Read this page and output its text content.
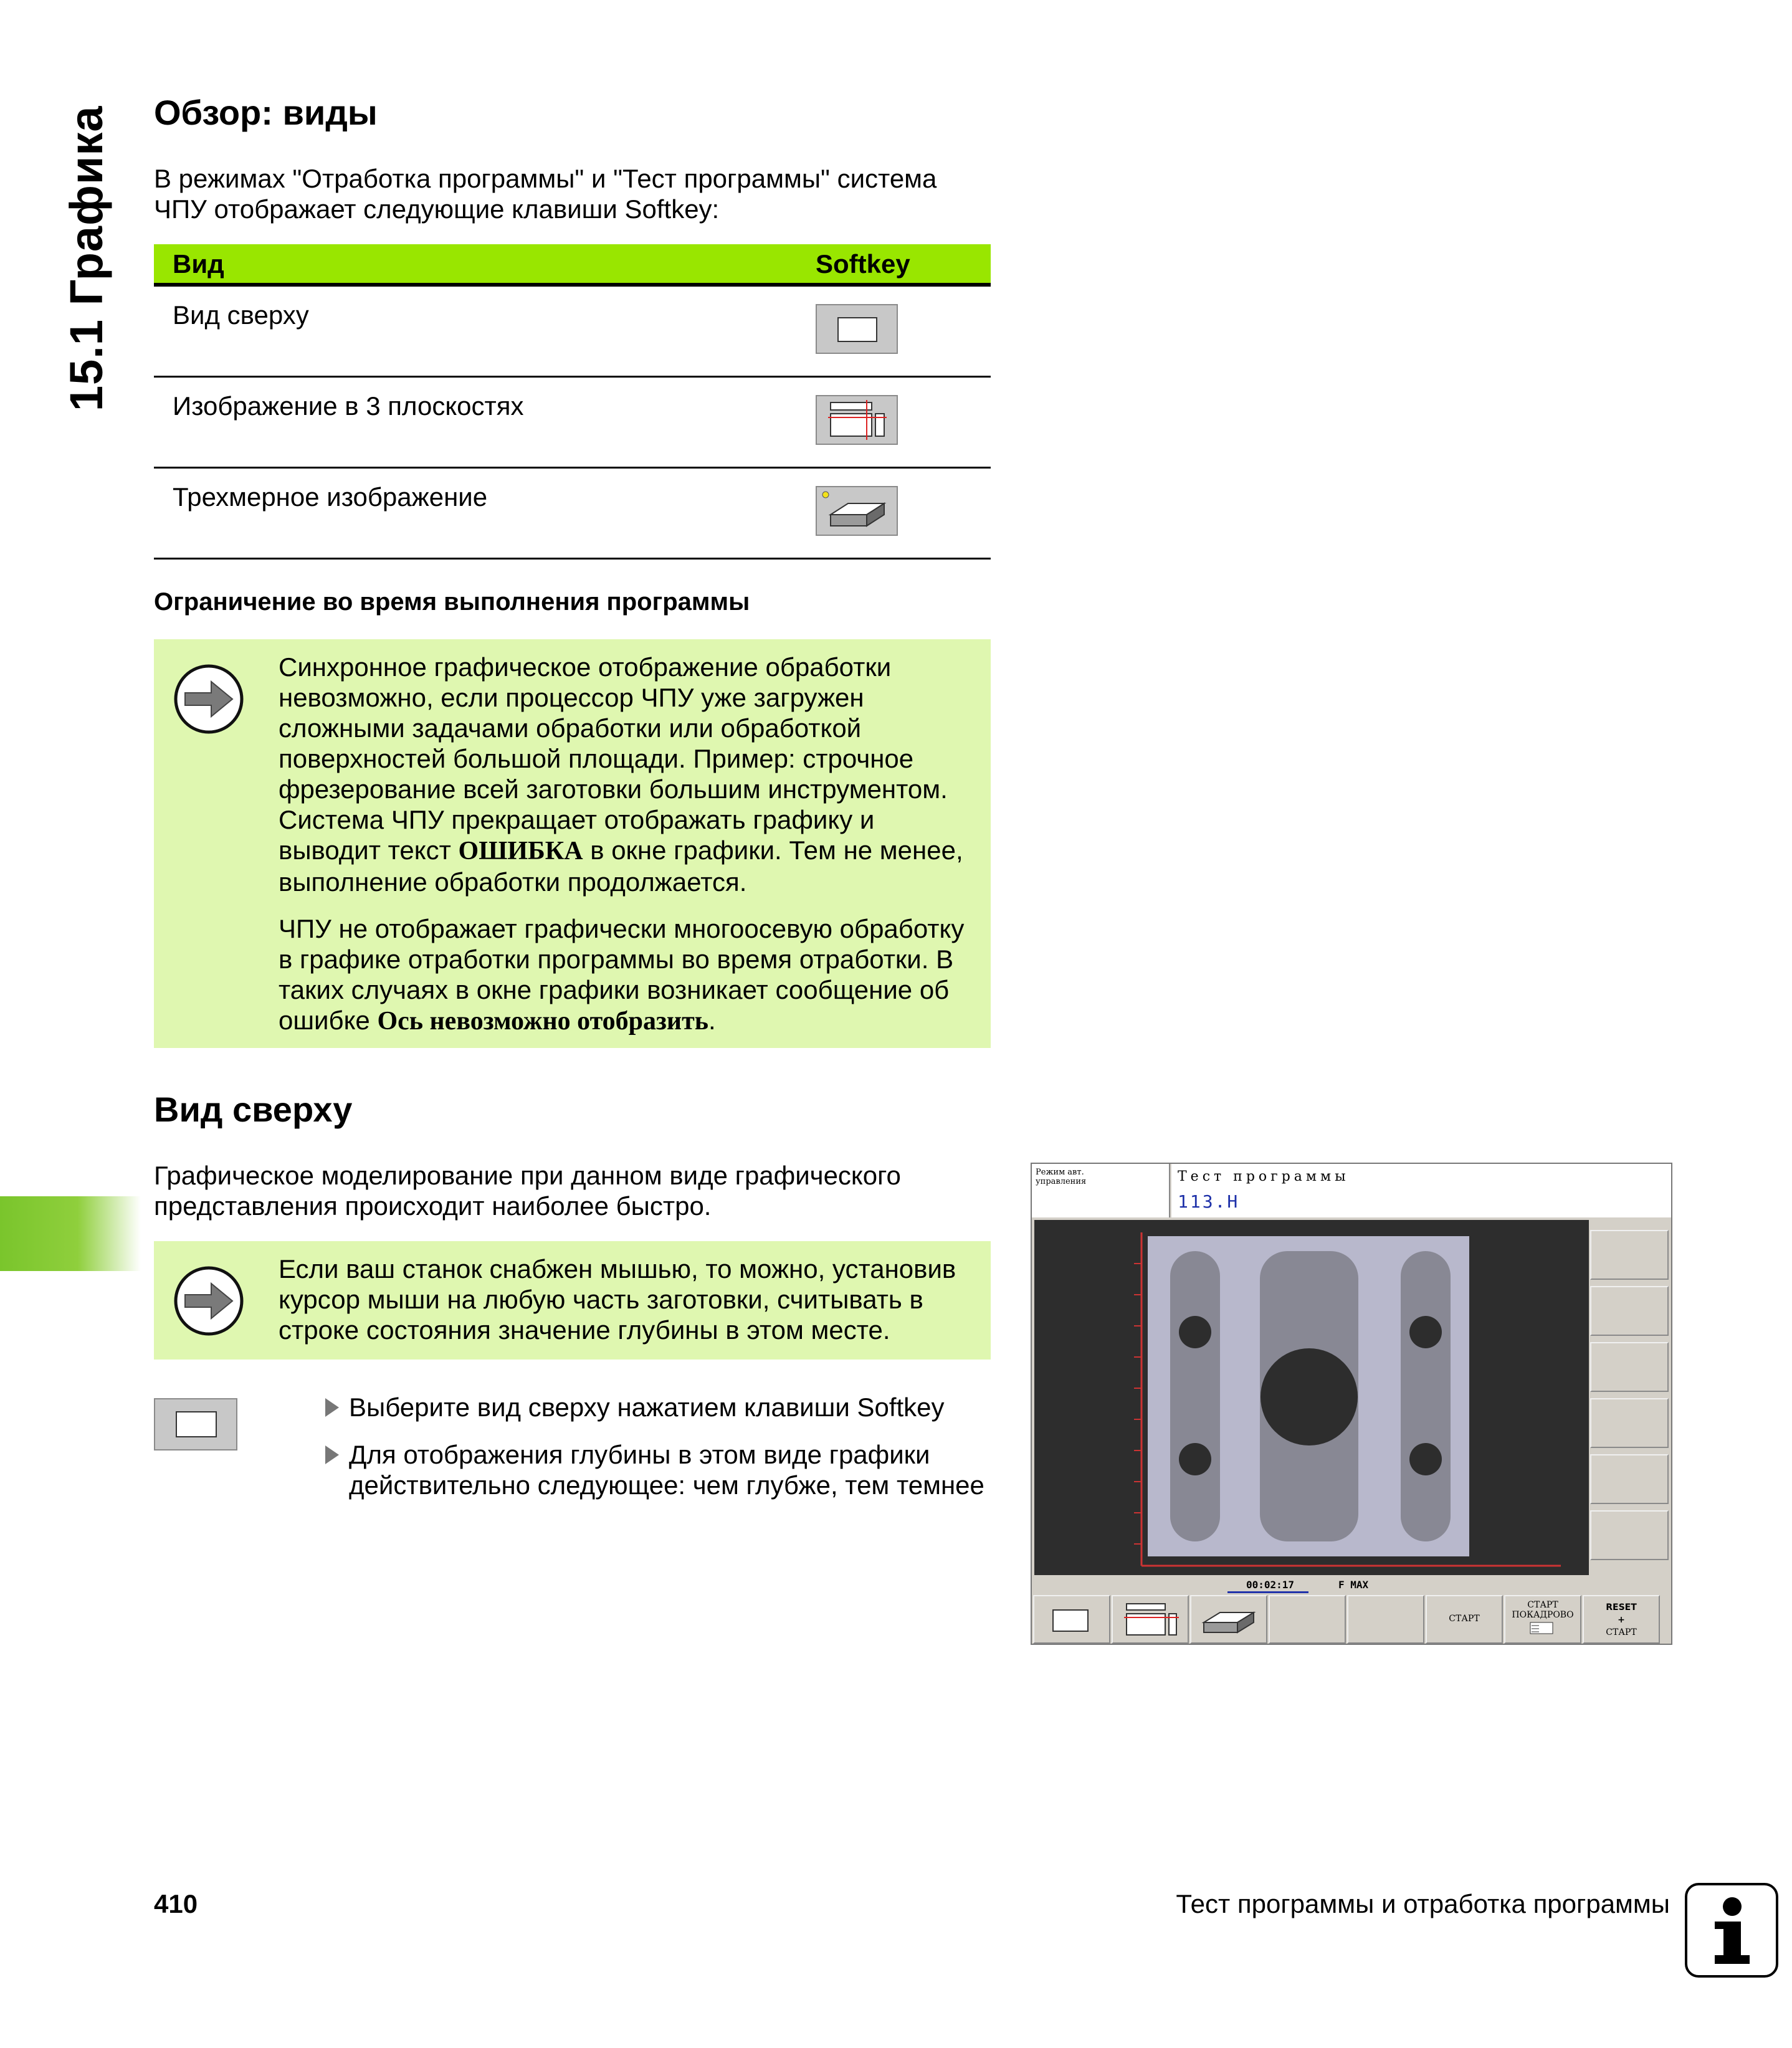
15.1 Графика Обзор: виды
В режимах "Отработка программы" и "Тест программы" система ЧПУ отображает следующие клавиши Softkey:
Вид	Softkey
Вид сверху
Изображение в 3 плоскостях
Трехмерное изображение
Ограничение во время выполнения программы

Синхронное графическое отображение обработки невозможно, если процессор ЧПУ уже загружен сложными задачами обработки или обработкой поверхностей большой площади. Пример: строчное фрезерование всей заготовки большим инструментом. Система ЧПУ прекращает отображать графику и выводит текст ОШИБКА в окне графики. Тем не менее, выполнение обработки продолжается.

ЧПУ не отображает графически многоосевую обработку в графике отработки программы во время отработки. В таких случаях в окне графики возникает сообщение об ошибке Ось невозможно отобразить.

Вид сверху
Графическое моделирование при данном виде графического представления происходит наиболее быстро.
Если ваш станок снабжен мышью, то можно, установив курсор мыши на любую часть заготовки, считывать в строке состояния значение глубины в этом месте.
Выберите вид сверху нажатием клавиши Softkey
Для отображения глубины в этом виде графики действительно следующее: чем глубже, тем темнее
Режим авт.
управления	Тест программы
113.H
00:02:17	F MAX
СТАРТ
СТАРТ
ПОКАДРОВО
RESET
+
СТАРТ
410	Тест программы и отработка программы
